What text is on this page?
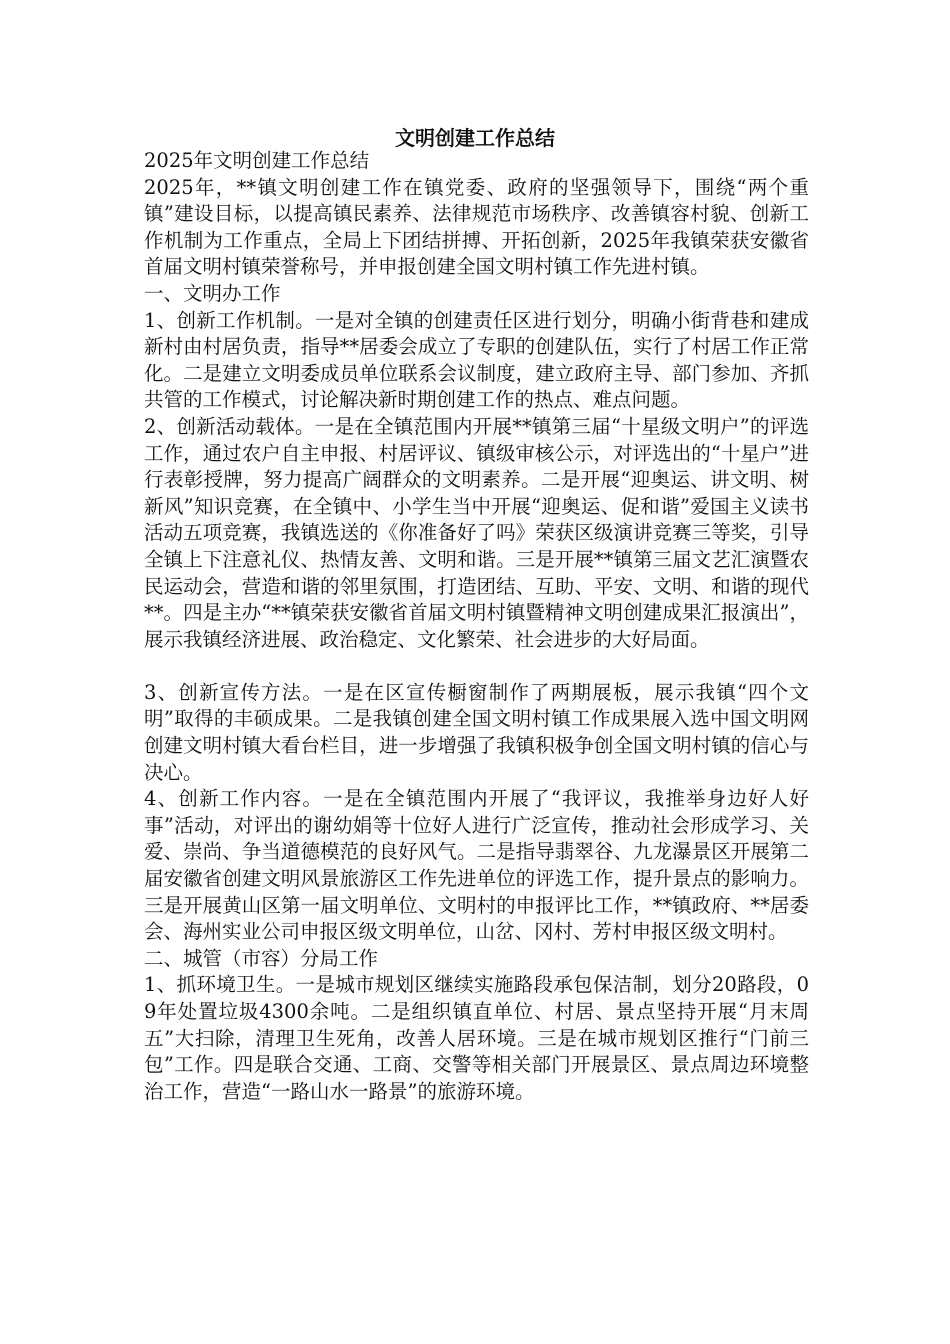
文明创建工作总结

2025年文明创建工作总结

2025年，**镇文明创建工作在镇党委、政府的坚强领导下，围绕“两个重镇”建设目标，以提高镇民素养、法律规范市场秩序、改善镇容村貌、创新工作机制为工作重点，全局上下团结拼搏、开拓创新，2025年我镇荣获安徽省首届文明村镇荣誉称号，并申报创建全国文明村镇工作先进村镇。

一、文明办工作

1、创新工作机制。一是对全镇的创建责任区进行划分，明确小街背巷和建成新村由村居负责，指导**居委会成立了专职的创建队伍，实行了村居工作正常化。二是建立文明委成员单位联系会议制度，建立政府主导、部门参加、齐抓共管的工作模式，讨论解决新时期创建工作的热点、难点问题。

2、创新活动载体。一是在全镇范围内开展**镇第三届“十星级文明户”的评选工作，通过农户自主申报、村居评议、镇级审核公示，对评选出的“十星户”进行表彰授牌，努力提高广阔群众的文明素养。二是开展“迎奥运、讲文明、树新风”知识竞赛，在全镇中、小学生当中开展“迎奥运、促和谐”爱国主义读书活动五项竞赛，我镇选送的《你准备好了吗》荣获区级演讲竞赛三等奖，引导全镇上下注意礼仪、热情友善、文明和谐。三是开展**镇第三届文艺汇演暨农民运动会，营造和谐的邻里氛围，打造团结、互助、平安、文明、和谐的现代**。四是主办“**镇荣获安徽省首届文明村镇暨精神文明创建成果汇报演出”，展示我镇经济进展、政治稳定、文化繁荣、社会进步的大好局面。

3、创新宣传方法。一是在区宣传橱窗制作了两期展板，展示我镇“四个文明”取得的丰硕成果。二是我镇创建全国文明村镇工作成果展入选中国文明网创建文明村镇大看台栏目，进一步增强了我镇积极争创全国文明村镇的信心与决心。

4、创新工作内容。一是在全镇范围内开展了“我评议，我推举身边好人好事”活动，对评出的谢幼娟等十位好人进行广泛宣传，推动社会形成学习、关爱、崇尚、争当道德模范的良好风气。二是指导翡翠谷、九龙瀑景区开展第二届安徽省创建文明风景旅游区工作先进单位的评选工作，提升景点的影响力。三是开展黄山区第一届文明单位、文明村的申报评比工作，**镇政府、**居委会、海州实业公司申报区级文明单位，山岔、冈村、芳村申报区级文明村。

二、城管（市容）分局工作

1、抓环境卫生。一是城市规划区继续实施路段承包保洁制，划分20路段，09年处置垃圾4300余吨。二是组织镇直单位、村居、景点坚持开展“月末周五”大扫除，清理卫生死角，改善人居环境。三是在城市规划区推行“门前三包”工作。四是联合交通、工商、交警等相关部门开展景区、景点周边环境整治工作，营造“一路山水一路景”的旅游环境。
